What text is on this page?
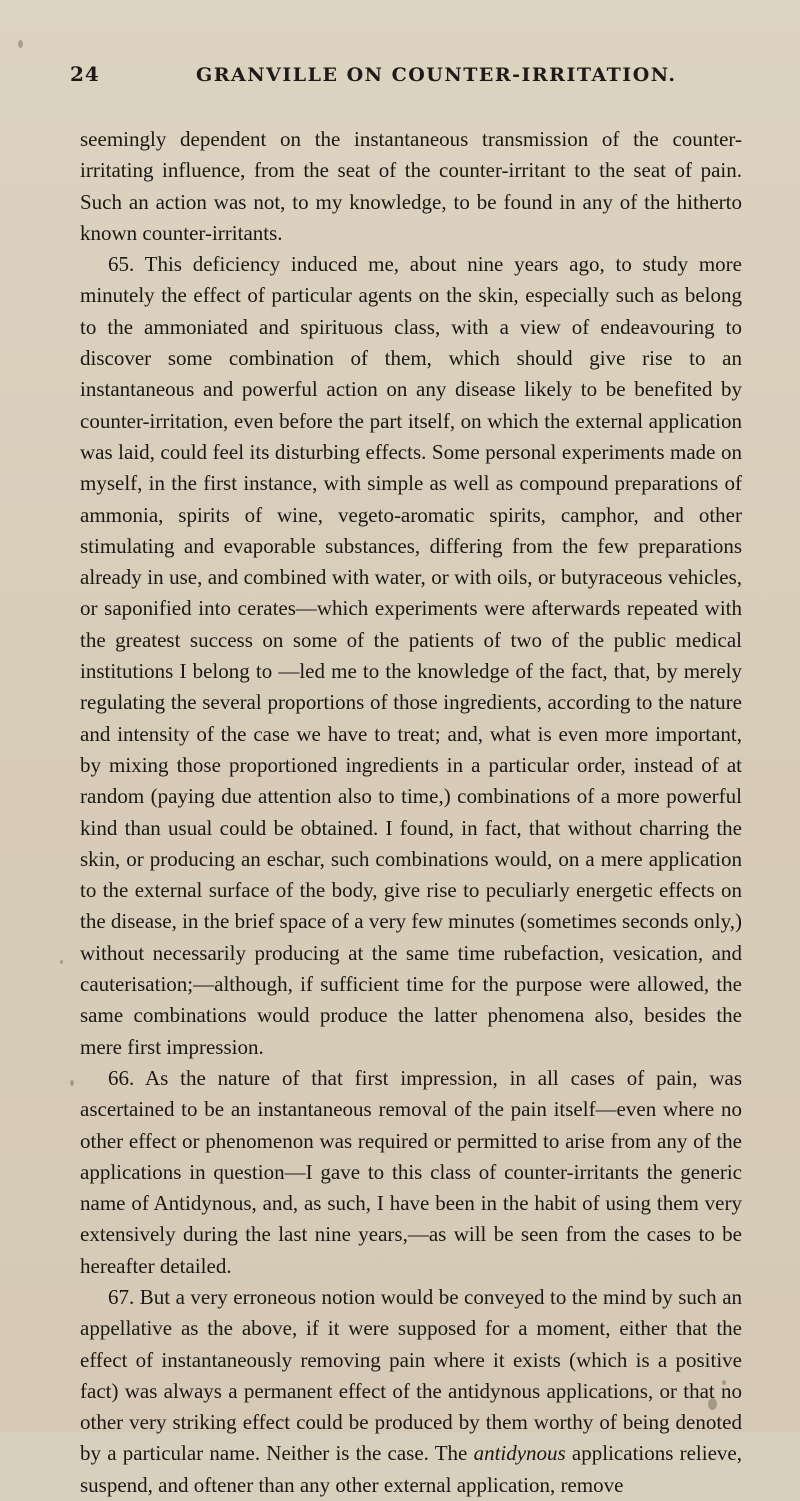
24	GRANVILLE ON COUNTER-IRRITATION.

seemingly dependent on the instantaneous transmission of the counter-irritating influence, from the seat of the counter-irritant to the seat of pain. Such an action was not, to my knowledge, to be found in any of the hitherto known counter-irritants.

65. This deficiency induced me, about nine years ago, to study more minutely the effect of particular agents on the skin, especially such as belong to the ammoniated and spirituous class, with a view of endeavouring to discover some combination of them, which should give rise to an instantaneous and powerful action on any disease likely to be benefited by counter-irritation, even before the part itself, on which the external application was laid, could feel its disturbing effects. Some personal experiments made on myself, in the first instance, with simple as well as compound preparations of ammonia, spirits of wine, vegeto-aromatic spirits, camphor, and other stimulating and evaporable substances, differing from the few preparations already in use, and combined with water, or with oils, or butyraceous vehicles, or saponified into cerates—which experiments were afterwards repeated with the greatest success on some of the patients of two of the public medical institutions I belong to —led me to the knowledge of the fact, that, by merely regulating the several proportions of those ingredients, according to the nature and intensity of the case we have to treat; and, what is even more important, by mixing those proportioned ingredients in a particular order, instead of at random (paying due attention also to time,) combinations of a more powerful kind than usual could be obtained. I found, in fact, that without charring the skin, or producing an eschar, such combinations would, on a mere application to the external surface of the body, give rise to peculiarly energetic effects on the disease, in the brief space of a very few minutes (sometimes seconds only,) without necessarily producing at the same time rubefaction, vesication, and cauterisation;—although, if sufficient time for the purpose were allowed, the same combinations would produce the latter phenomena also, besides the mere first impression.

66. As the nature of that first impression, in all cases of pain, was ascertained to be an instantaneous removal of the pain itself—even where no other effect or phenomenon was required or permitted to arise from any of the applications in question—I gave to this class of counter-irritants the generic name of Antidynous, and, as such, I have been in the habit of using them very extensively during the last nine years,—as will be seen from the cases to be hereafter detailed.

67. But a very erroneous notion would be conveyed to the mind by such an appellative as the above, if it were supposed for a moment, either that the effect of instantaneously removing pain where it exists (which is a positive fact) was always a permanent effect of the antidynous applications, or that no other very striking effect could be produced by them worthy of being denoted by a particular name. Neither is the case. The antidynous applications relieve, suspend, and oftener than any other external application, remove
